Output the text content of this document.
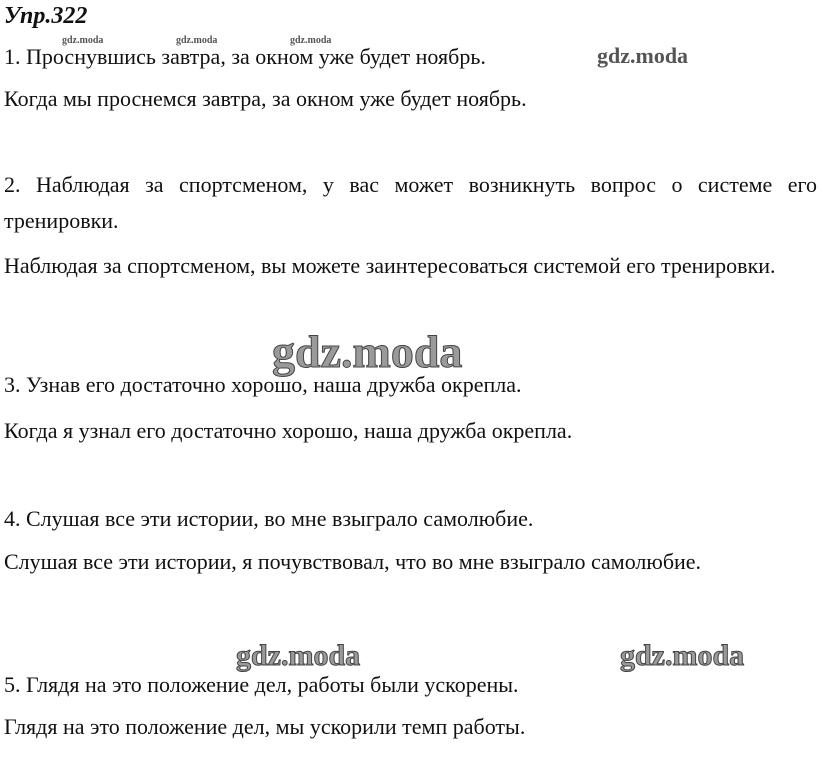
Упр.322
gdz.moda	gdz.moda	gdz.moda
1. Проснувшись завтра, за окном уже будет ноябрь.	gdz.moda
Когда мы проснемся завтра, за окном уже будет ноябрь.
2. Наблюдая за спортсменом, у вас может возникнуть вопрос о системе его тренировки.
Наблюдая за спортсменом, вы можете заинтересоваться системой его тренировки.
gdz.moda
3. Узнав его достаточно хорошо, наша дружба окрепла.
Когда я узнал его достаточно хорошо, наша дружба окрепла.
4. Слушая все эти истории, во мне взыграло самолюбие.
Слушая все эти истории, я почувствовал, что во мне взыграло самолюбие.
gdz.moda	gdz.moda
5. Глядя на это положение дел, работы были ускорены.
Глядя на это положение дел, мы ускорили темп работы.
